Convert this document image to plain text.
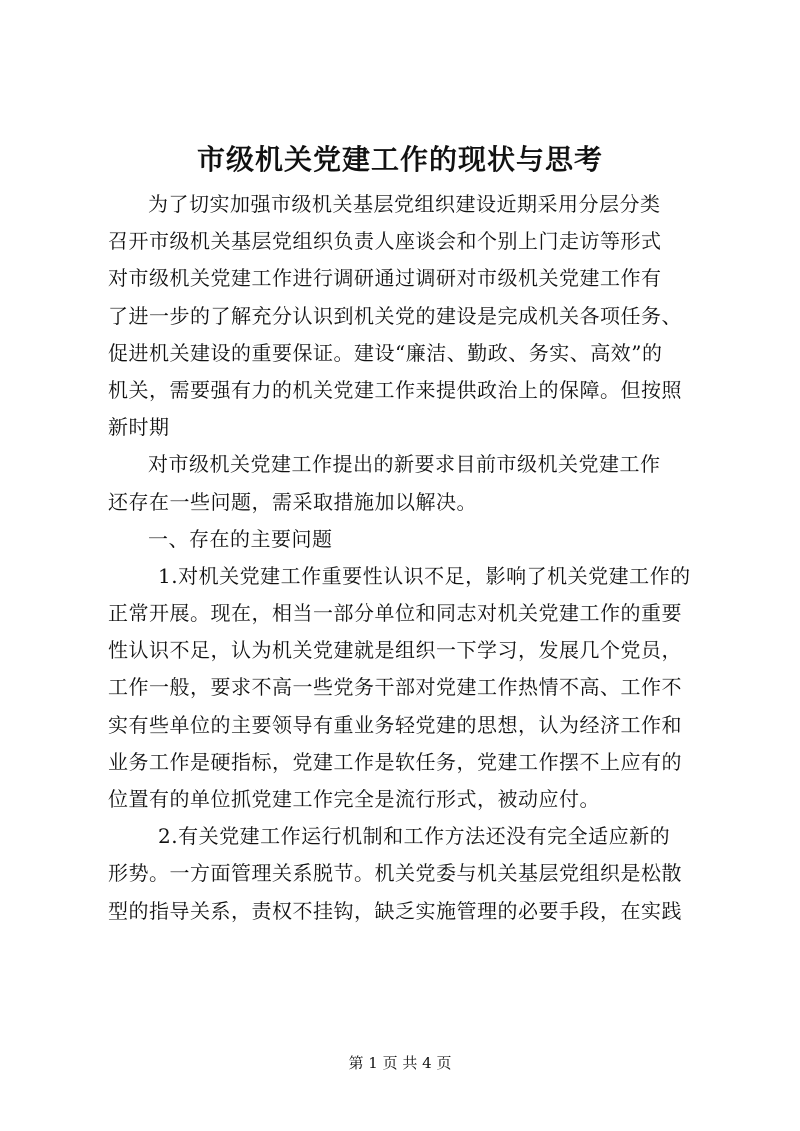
市级机关党建工作的现状与思考
为了切实加强市级机关基层党组织建设近期采用分层分类
召开市级机关基层党组织负责人座谈会和个别上门走访等形式
对市级机关党建工作进行调研通过调研对市级机关党建工作有
了进一步的了解充分认识到机关党的建设是完成机关各项任务、
促进机关建设的重要保证。建设“廉洁、勤政、务实、高效”的
机关，需要强有力的机关党建工作来提供政治上的保障。但按照
新时期
对市级机关党建工作提出的新要求目前市级机关党建工作
还存在一些问题，需采取措施加以解决。
一、存在的主要问题
1.对机关党建工作重要性认识不足，影响了机关党建工作的
正常开展。现在，相当一部分单位和同志对机关党建工作的重要
性认识不足，认为机关党建就是组织一下学习，发展几个党员，
工作一般，要求不高一些党务干部对党建工作热情不高、工作不
实有些单位的主要领导有重业务轻党建的思想，认为经济工作和
业务工作是硬指标，党建工作是软任务，党建工作摆不上应有的
位置有的单位抓党建工作完全是流行形式，被动应付。
2.有关党建工作运行机制和工作方法还没有完全适应新的
形势。一方面管理关系脱节。机关党委与机关基层党组织是松散
型的指导关系，责权不挂钩，缺乏实施管理的必要手段，在实践
第 1 页 共 4 页
